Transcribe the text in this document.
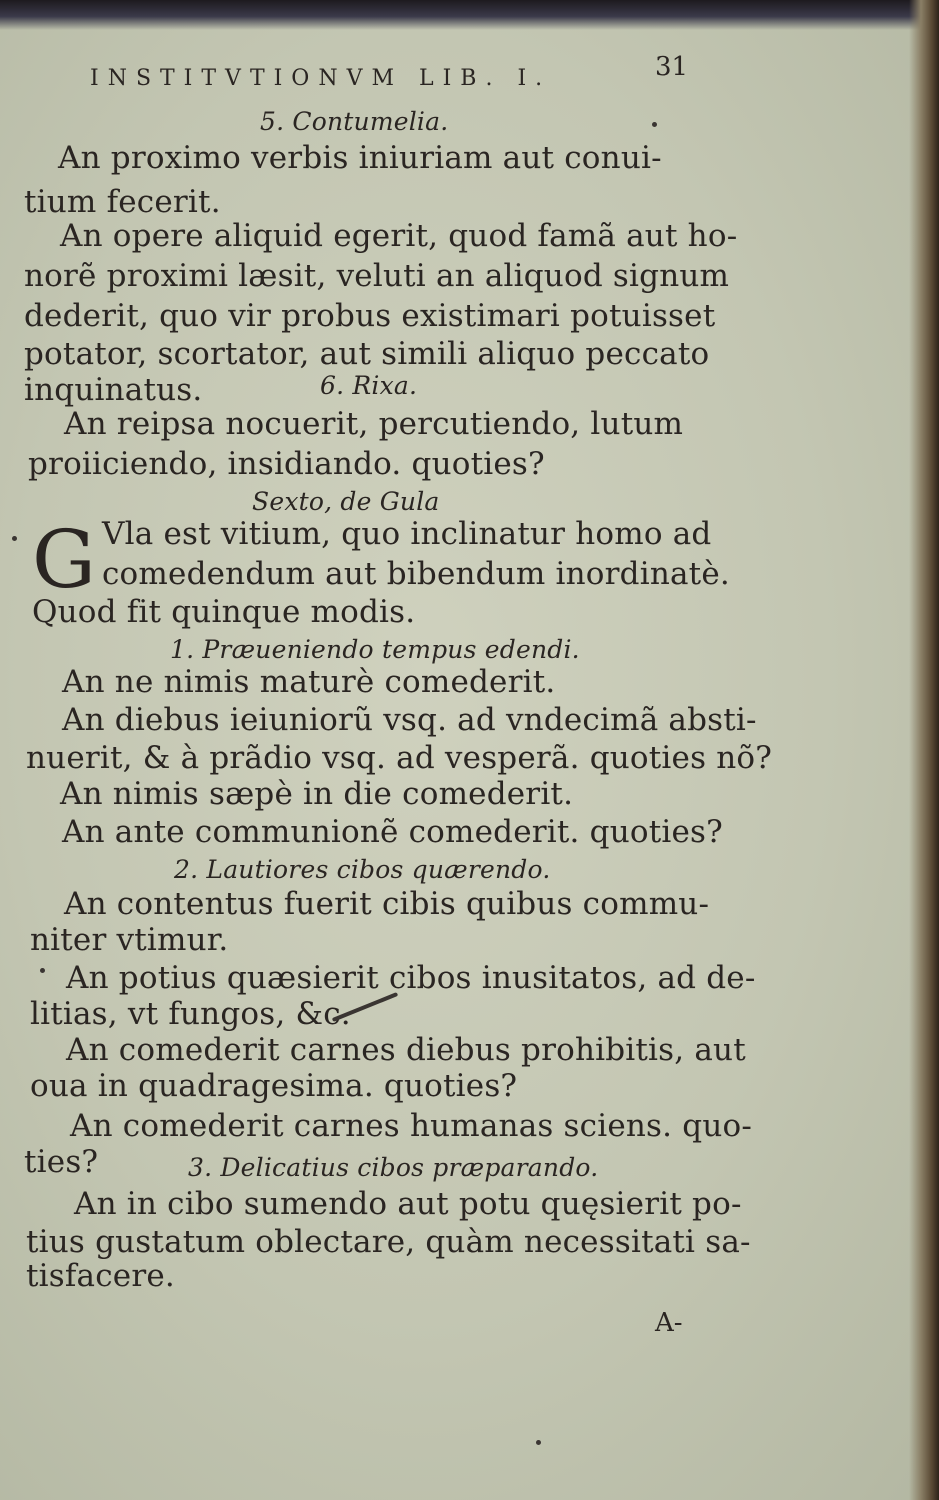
INSTITVTIONVM LIB. I.	31
5. Contumelia.
An proximo verbis iniuriam aut conui-
tium fecerit.
An opere aliquid egerit, quod famã aut ho-
norẽ proximi læsit, veluti an aliquod signum
dederit, quo vir probus existimari potuisset
potator, scortator, aut simili aliquo peccato
inquinatus.	6. Rixa.
An reipsa nocuerit, percutiendo, lutum
proiiciendo, insidiando. quoties?
Sexto, de Gula
Vla est vitium, quo inclinatur homo ad
comedendum aut bibendum inordinatè.
Quod fit quinque modis.
1. Præueniendo tempus edendi.
An ne nimis maturè comederit.
An diebus ieiuniorũ vsq. ad vndecimã absti-
nuerit, & à prãdio vsq. ad vesperã. quoties nõ?
An nimis sæpè in die comederit.
An ante communionẽ comederit. quoties?
2. Lautiores cibos quærendo.
An contentus fuerit cibis quibus commu-
niter vtimur.
An potius quæsierit cibos inusitatos, ad de-
litias, vt fungos, &c.
An comederit carnes diebus prohibitis, aut
oua in quadragesima. quoties?
An comederit carnes humanas sciens. quo-
ties?	3. Delicatius cibos præparando.
An in cibo sumendo aut potu quęsierit po-
tius gustatum oblectare, quàm necessitati sa-
tisfacere.
G
A-
